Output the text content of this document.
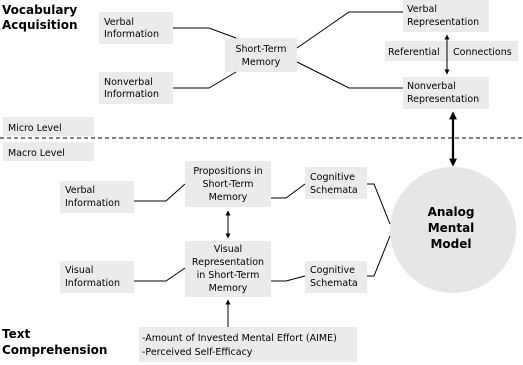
Vocabulary
Acquisition
Text
Comprehension
Micro Level
Macro Level
Verbal
Information
Nonverbal
Information
Short-Term
Memory
Verbal
Representation
Nonverbal
Representation
Referential Connections
Verbal
Information
Visual
Information
Propositions in
Short-Term
Memory
Visual
Representation
in Short-Term
Memory
Cognitive
Schemata
Cognitive
Schemata
-Amount of Invested Mental Effort (AIME)
-Perceived Self-Efficacy
Analog
Mental
Model
